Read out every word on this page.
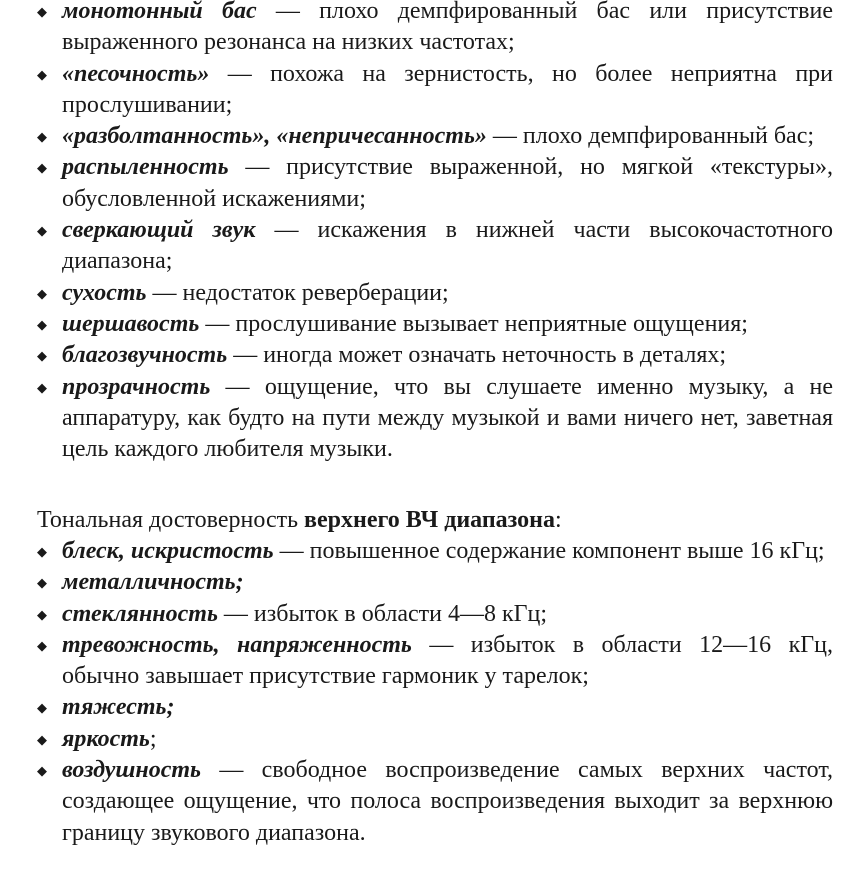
◆ монотонный бас — плохо демпфированный бас или присутствие выраженного резонанса на низких частотах;
◆ «песочность» — похожа на зернистость, но более неприятна при прослушивании;
◆ «разболтанность», «непричесанность» — плохо демпфированный бас;
◆ распыленность — присутствие выраженной, но мягкой «текстуры», обусловленной искажениями;
◆ сверкающий звук — искажения в нижней части высокочастотного диапазона;
◆ сухость — недостаток реверберации;
◆ шершавость — прослушивание вызывает неприятные ощущения;
◆ благозвучность — иногда может означать неточность в деталях;
◆ прозрачность — ощущение, что вы слушаете именно музыку, а не аппаратуру, как будто на пути между музыкой и вами ничего нет, заветная цель каждого любителя музыки.
Тональная достоверность верхнего ВЧ диапазона:
◆ блеск, искристость — повышенное содержание компонент выше 16 кГц;
◆ металличность;
◆ стеклянность — избыток в области 4—8 кГц;
◆ тревожность, напряженность — избыток в области 12—16 кГц, обычно завышает присутствие гармоник у тарелок;
◆ тяжесть;
◆ яркость;
◆ воздушность — свободное воспроизведение самых верхних частот, создающее ощущение, что полоса воспроизведения выходит за верхнюю границу звукового диапазона.
